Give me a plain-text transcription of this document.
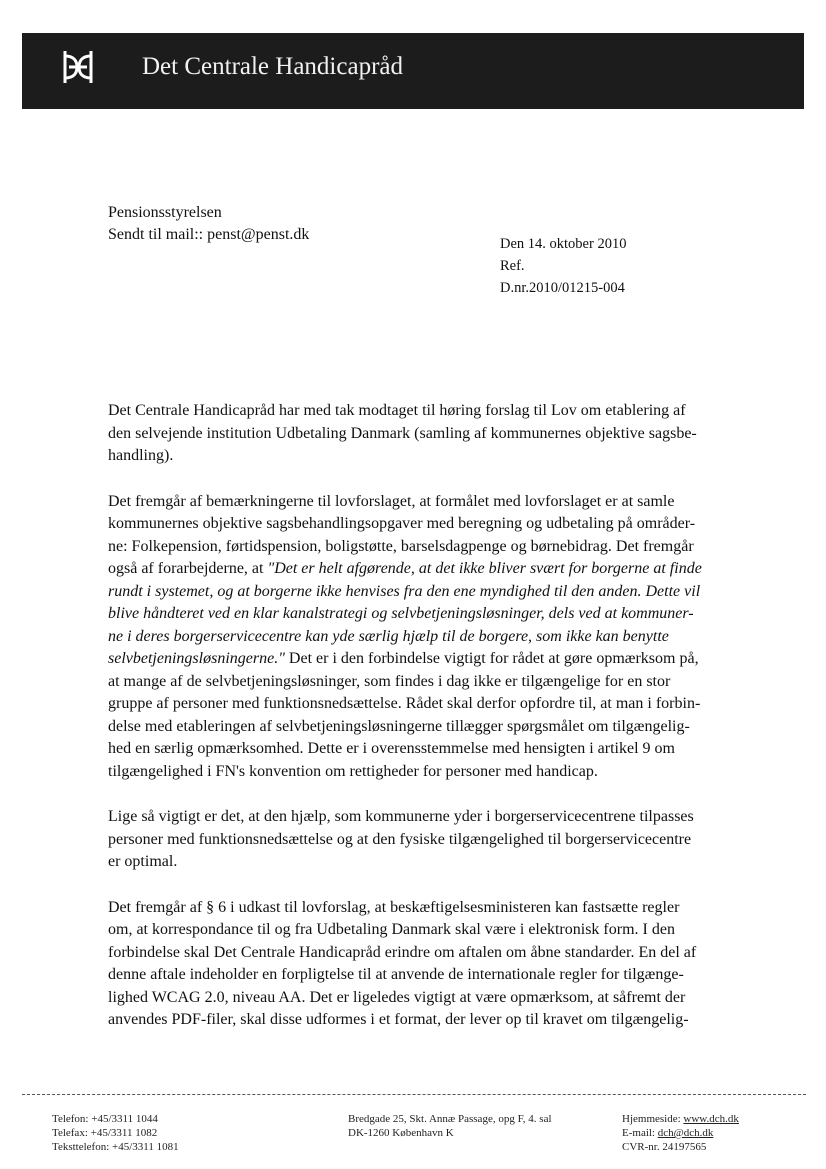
Det Centrale Handicapråd
Pensionsstyrelsen
Sendt til mail:: penst@penst.dk
Den 14. oktober 2010
Ref.
D.nr.2010/01215-004

Det Centrale Handicapråd har med tak modtaget til høring forslag til Lov om etablering af
den selvejende institution Udbetaling Danmark (samling af kommunernes objektive sagsbe-
handling).

Det fremgår af bemærkningerne til lovforslaget, at formålet med lovforslaget er at samle
kommunernes objektive sagsbehandlingsopgaver med beregning og udbetaling på områder-
ne: Folkepension, førtidspension, boligstøtte, barselsdagpenge og børnebidrag. Det fremgår
også af forarbejderne, at "Det er helt afgørende, at det ikke bliver svært for borgerne at finde
rundt i systemet, og at borgerne ikke henvises fra den ene myndighed til den anden. Dette vil
blive håndteret ved en klar kanalstrategi og selvbetjeningsløsninger, dels ved at kommuner-
ne i deres borgerservicecentre kan yde særlig hjælp til de borgere, som ikke kan benytte
selvbetjeningsløsningerne." Det er i den forbindelse vigtigt for rådet at gøre opmærksom på,
at mange af de selvbetjeningsløsninger, som findes i dag ikke er tilgængelige for en stor
gruppe af personer med funktionsnedsættelse. Rådet skal derfor opfordre til, at man i forbin-
delse med etableringen af selvbetjeningsløsningerne tillægger spørgsmålet om tilgængelig-
hed en særlig opmærksomhed. Dette er i overensstemmelse med hensigten i artikel 9 om
tilgængelighed i FN's konvention om rettigheder for personer med handicap.

Lige så vigtigt er det, at den hjælp, som kommunerne yder i borgerservicecentrene tilpasses
personer med funktionsnedsættelse og at den fysiske tilgængelighed til borgerservicecentre
er optimal.

Det fremgår af § 6 i udkast til lovforslag, at beskæftigelsesministeren kan fastsætte regler
om, at korrespondance til og fra Udbetaling Danmark skal være i elektronisk form. I den
forbindelse skal Det Centrale Handicapråd erindre om aftalen om åbne standarder. En del af
denne aftale indeholder en forpligtelse til at anvende de internationale regler for tilgænge-
lighed WCAG 2.0, niveau AA. Det er ligeledes vigtigt at være opmærksom, at såfremt der
anvendes PDF-filer, skal disse udformes i et format, der lever op til kravet om tilgængelig-

Telefon: +45/3311 1044
Telefax: +45/3311 1082
Teksttelefon: +45/3311 1081
Bredgade 25, Skt. Annæ Passage, opg F, 4. sal
DK-1260 København K
Hjemmeside: www.dch.dk
E-mail: dch@dch.dk
CVR-nr. 24197565
